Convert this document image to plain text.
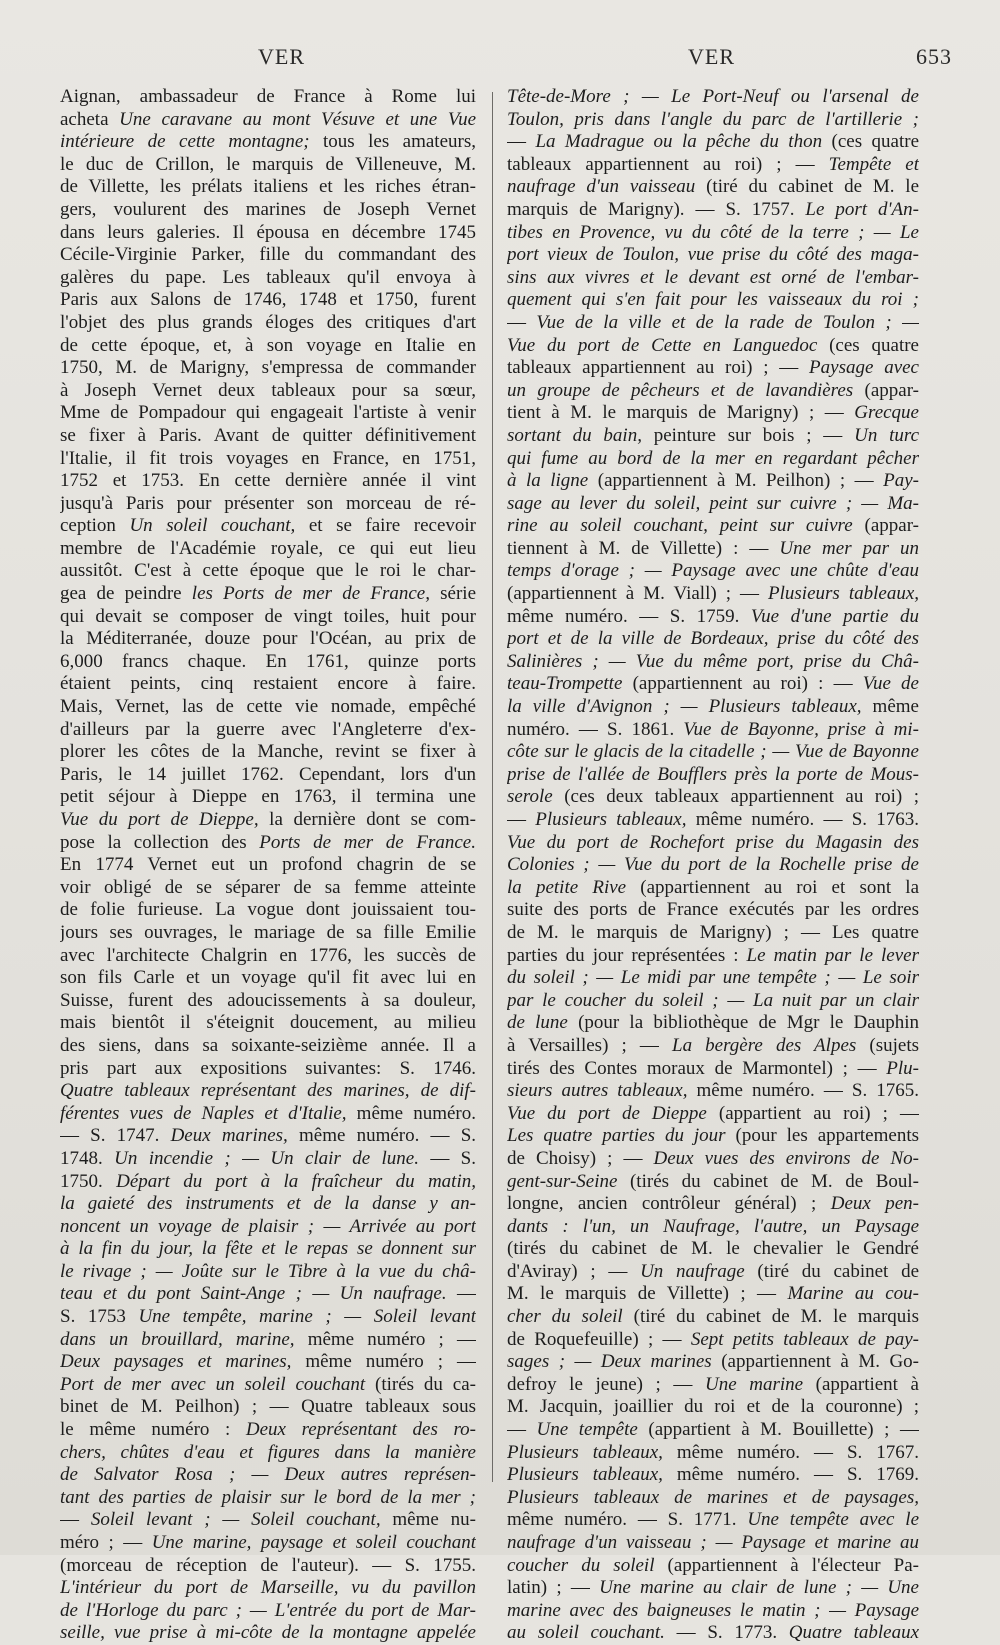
VER	VER	653
Aignan, ambassadeur de France à Rome lui
acheta Une caravane au mont Vésuve et une Vue
intérieure de cette montagne; tous les amateurs,
le duc de Crillon, le marquis de Villeneuve, M.
de Villette, les prélats italiens et les riches étran-
gers, voulurent des marines de Joseph Vernet
dans leurs galeries. Il épousa en décembre 1745
Cécile-Virginie Parker, fille du commandant des
galères du pape. Les tableaux qu'il envoya à
Paris aux Salons de 1746, 1748 et 1750, furent
l'objet des plus grands éloges des critiques d'art
de cette époque, et, à son voyage en Italie en
1750, M. de Marigny, s'empressa de commander
à Joseph Vernet deux tableaux pour sa sœur,
Mme de Pompadour qui engageait l'artiste à venir
se fixer à Paris. Avant de quitter définitivement
l'Italie, il fit trois voyages en France, en 1751,
1752 et 1753. En cette dernière année il vint
jusqu'à Paris pour présenter son morceau de ré-
ception Un soleil couchant, et se faire recevoir
membre de l'Académie royale, ce qui eut lieu
aussitôt. C'est à cette époque que le roi le char-
gea de peindre les Ports de mer de France, série
qui devait se composer de vingt toiles, huit pour
la Méditerranée, douze pour l'Océan, au prix de
6,000 francs chaque. En 1761, quinze ports
étaient peints, cinq restaient encore à faire.
Mais, Vernet, las de cette vie nomade, empêché
d'ailleurs par la guerre avec l'Angleterre d'ex-
plorer les côtes de la Manche, revint se fixer à
Paris, le 14 juillet 1762. Cependant, lors d'un
petit séjour à Dieppe en 1763, il termina une
Vue du port de Dieppe, la dernière dont se com-
pose la collection des Ports de mer de France.
En 1774 Vernet eut un profond chagrin de se
voir obligé de se séparer de sa femme atteinte
de folie furieuse. La vogue dont jouissaient tou-
jours ses ouvrages, le mariage de sa fille Emilie
avec l'architecte Chalgrin en 1776, les succès de
son fils Carle et un voyage qu'il fit avec lui en
Suisse, furent des adoucissements à sa douleur,
mais bientôt il s'éteignit doucement, au milieu
des siens, dans sa soixante-seizième année. Il a
pris part aux expositions suivantes: S. 1746.
Quatre tableaux représentant des marines, de dif-
férentes vues de Naples et d'Italie, même numéro.
— S. 1747. Deux marines, même numéro. — S.
1748. Un incendie ; — Un clair de lune. — S.
1750. Départ du port à la fraîcheur du matin,
la gaieté des instruments et de la danse y an-
noncent un voyage de plaisir ; — Arrivée au port
à la fin du jour, la fête et le repas se donnent sur
le rivage ; — Joûte sur le Tibre à la vue du châ-
teau et du pont Saint-Ange ; — Un naufrage. —
S. 1753 Une tempête, marine ; — Soleil levant
dans un brouillard, marine, même numéro ; —
Deux paysages et marines, même numéro ; —
Port de mer avec un soleil couchant (tirés du ca-
binet de M. Peilhon) ; — Quatre tableaux sous
le même numéro : Deux représentant des ro-
chers, chûtes d'eau et figures dans la manière
de Salvator Rosa ; — Deux autres représen-
tant des parties de plaisir sur le bord de la mer ;
— Soleil levant ; — Soleil couchant, même nu-
méro ; — Une marine, paysage et soleil couchant
(morceau de réception de l'auteur). — S. 1755.
L'intérieur du port de Marseille, vu du pavillon
de l'Horloge du parc ; — L'entrée du port de Mar-
seille, vue prise à mi-côte de la montagne appelée
Tête-de-More ; — Le Port-Neuf ou l'arsenal de
Toulon, pris dans l'angle du parc de l'artillerie ;
— La Madrague ou la pêche du thon (ces quatre
tableaux appartiennent au roi) ; — Tempête et
naufrage d'un vaisseau (tiré du cabinet de M. le
marquis de Marigny). — S. 1757. Le port d'An-
tibes en Provence, vu du côté de la terre ; — Le
port vieux de Toulon, vue prise du côté des maga-
sins aux vivres et le devant est orné de l'embar-
quement qui s'en fait pour les vaisseaux du roi ;
— Vue de la ville et de la rade de Toulon ; —
Vue du port de Cette en Languedoc (ces quatre
tableaux appartiennent au roi) ; — Paysage avec
un groupe de pêcheurs et de lavandières (appar-
tient à M. le marquis de Marigny) ; — Grecque
sortant du bain, peinture sur bois ; — Un turc
qui fume au bord de la mer en regardant pêcher
à la ligne (appartiennent à M. Peilhon) ; — Pay-
sage au lever du soleil, peint sur cuivre ; — Ma-
rine au soleil couchant, peint sur cuivre (appar-
tiennent à M. de Villette) : — Une mer par un
temps d'orage ; — Paysage avec une chûte d'eau
(appartiennent à M. Viall) ; — Plusieurs tableaux,
même numéro. — S. 1759. Vue d'une partie du
port et de la ville de Bordeaux, prise du côté des
Salinières ; — Vue du même port, prise du Châ-
teau-Trompette (appartiennent au roi) : — Vue de
la ville d'Avignon ; — Plusieurs tableaux, même
numéro. — S. 1861. Vue de Bayonne, prise à mi-
côte sur le glacis de la citadelle ; — Vue de Bayonne
prise de l'allée de Boufflers près la porte de Mous-
serole (ces deux tableaux appartiennent au roi) ;
— Plusieurs tableaux, même numéro. — S. 1763.
Vue du port de Rochefort prise du Magasin des
Colonies ; — Vue du port de la Rochelle prise de
la petite Rive (appartiennent au roi et sont la
suite des ports de France exécutés par les ordres
de M. le marquis de Marigny) ; — Les quatre
parties du jour représentées : Le matin par le lever
du soleil ; — Le midi par une tempête ; — Le soir
par le coucher du soleil ; — La nuit par un clair
de lune (pour la bibliothèque de Mgr le Dauphin
à Versailles) ; — La bergère des Alpes (sujets
tirés des Contes moraux de Marmontel) ; — Plu-
sieurs autres tableaux, même numéro. — S. 1765.
Vue du port de Dieppe (appartient au roi) ; —
Les quatre parties du jour (pour les appartements
de Choisy) ; — Deux vues des environs de No-
gent-sur-Seine (tirés du cabinet de M. de Boul-
longne, ancien contrôleur général) ; Deux pen-
dants : l'un, un Naufrage, l'autre, un Paysage
(tirés du cabinet de M. le chevalier le Gendré
d'Aviray) ; — Un naufrage (tiré du cabinet de
M. le marquis de Villette) ; — Marine au cou-
cher du soleil (tiré du cabinet de M. le marquis
de Roquefeuille) ; — Sept petits tableaux de pay-
sages ; — Deux marines (appartiennent à M. Go-
defroy le jeune) ; — Une marine (appartient à
M. Jacquin, joaillier du roi et de la couronne) ;
— Une tempête (appartient à M. Bouillette) ; —
Plusieurs tableaux, même numéro. — S. 1767.
Plusieurs tableaux, même numéro. — S. 1769.
Plusieurs tableaux de marines et de paysages,
même numéro. — S. 1771. Une tempête avec le
naufrage d'un vaisseau ; — Paysage et marine au
coucher du soleil (appartiennent à l'électeur Pa-
latin) ; — Une marine au clair de lune ; — Une
marine avec des baigneuses le matin ; — Paysage
au soleil couchant. — S. 1773. Quatre tableaux
